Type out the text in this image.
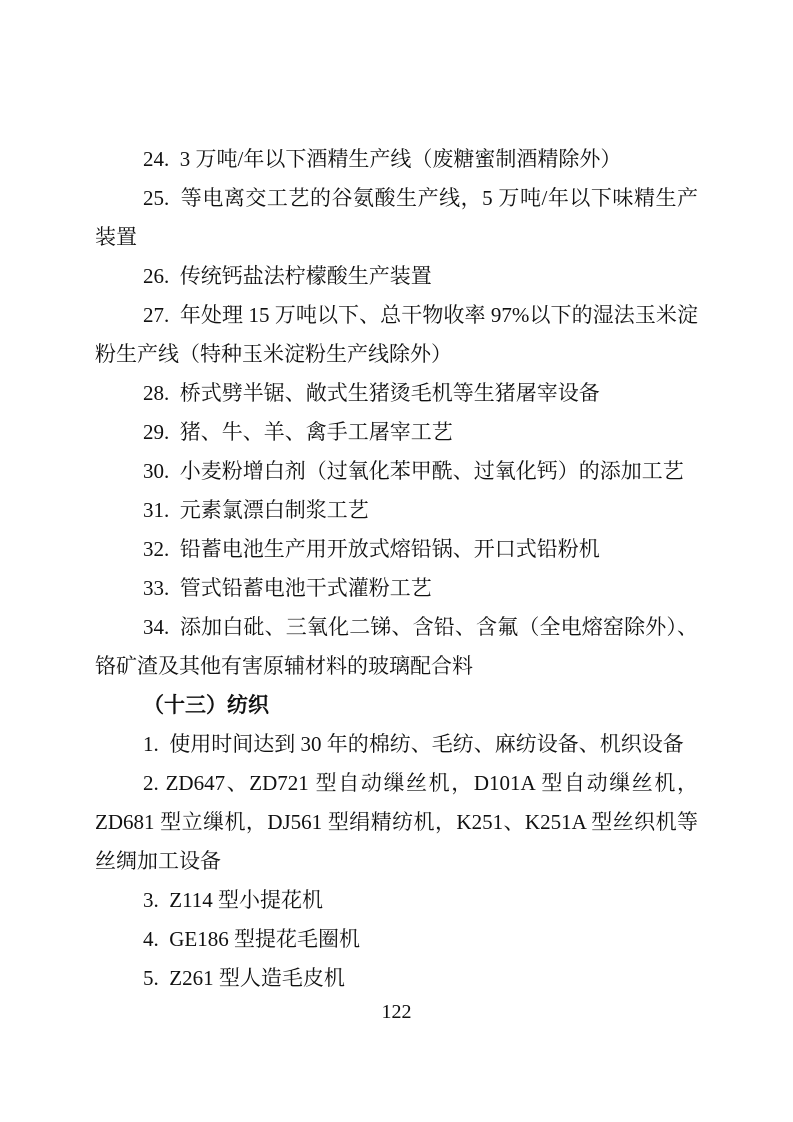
24.  3 万吨/年以下酒精生产线（废糖蜜制酒精除外）

25.  等电离交工艺的谷氨酸生产线，5 万吨/年以下味精生产装置

26.  传统钙盐法柠檬酸生产装置

27.  年处理 15 万吨以下、总干物收率 97%以下的湿法玉米淀粉生产线（特种玉米淀粉生产线除外）

28.  桥式劈半锯、敞式生猪烫毛机等生猪屠宰设备

29.  猪、牛、羊、禽手工屠宰工艺

30.  小麦粉增白剂（过氧化苯甲酰、过氧化钙）的添加工艺

31.  元素氯漂白制浆工艺

32.  铅蓄电池生产用开放式熔铅锅、开口式铅粉机

33.  管式铅蓄电池干式灌粉工艺

34.  添加白砒、三氧化二锑、含铅、含氟（全电熔窑除外）、铬矿渣及其他有害原辅材料的玻璃配合料

（十三）纺织

1.  使用时间达到 30 年的棉纺、毛纺、麻纺设备、机织设备

2. ZD647、ZD721 型自动缫丝机，D101A 型自动缫丝机，ZD681 型立缫机，DJ561 型绢精纺机，K251、K251A 型丝织机等丝绸加工设备

3.  Z114 型小提花机

4.  GE186 型提花毛圈机

5.  Z261 型人造毛皮机

122
